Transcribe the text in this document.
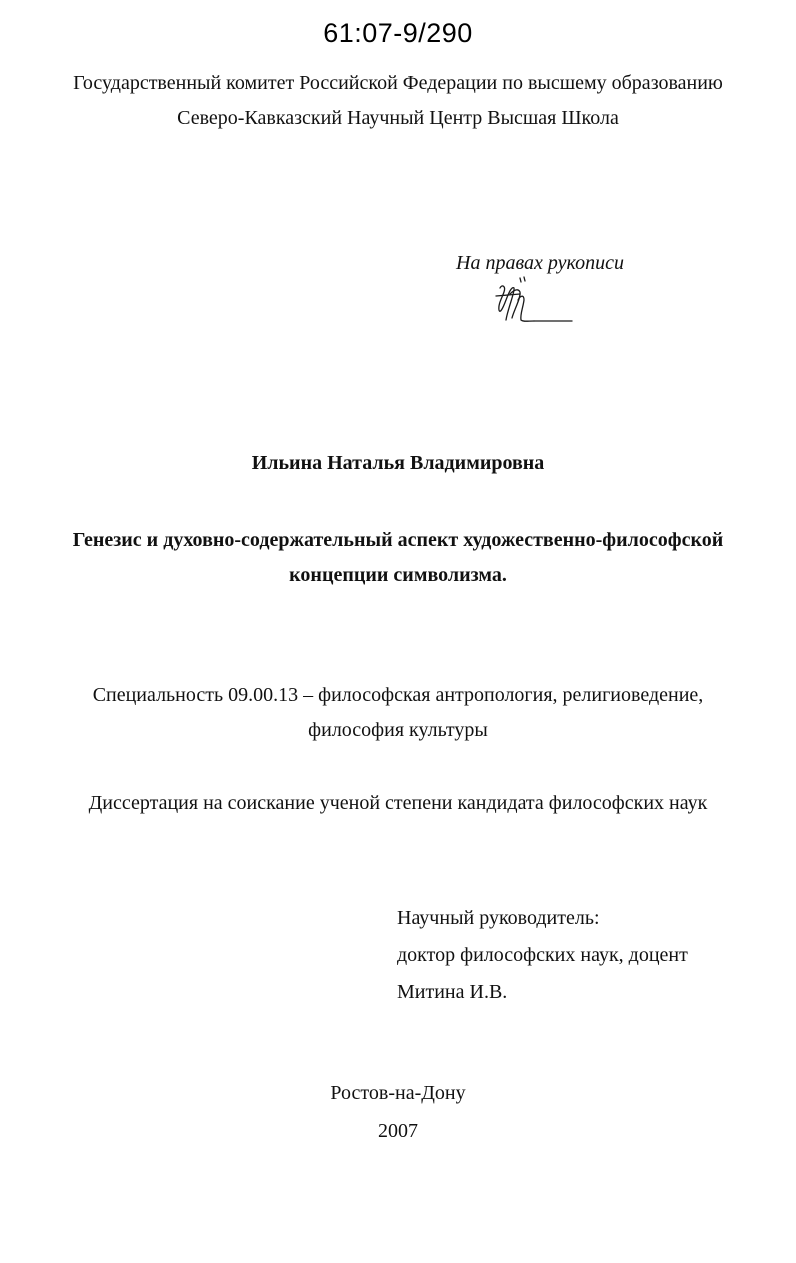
61:07-9/290
Государственный комитет Российской Федерации по высшему образованию
Северо-Кавказский Научный Центр Высшая Школа
На правах рукописи
Ильина Наталья Владимировна
Генезис и духовно-содержательный аспект художественно-философской
концепции символизма.
Специальность 09.00.13 – философская антропология, религиоведение,
философия культуры
Диссертация на соискание ученой степени кандидата философских наук
Научный руководитель:
доктор философских наук, доцент
Митина И.В.
Ростов-на-Дону
2007
